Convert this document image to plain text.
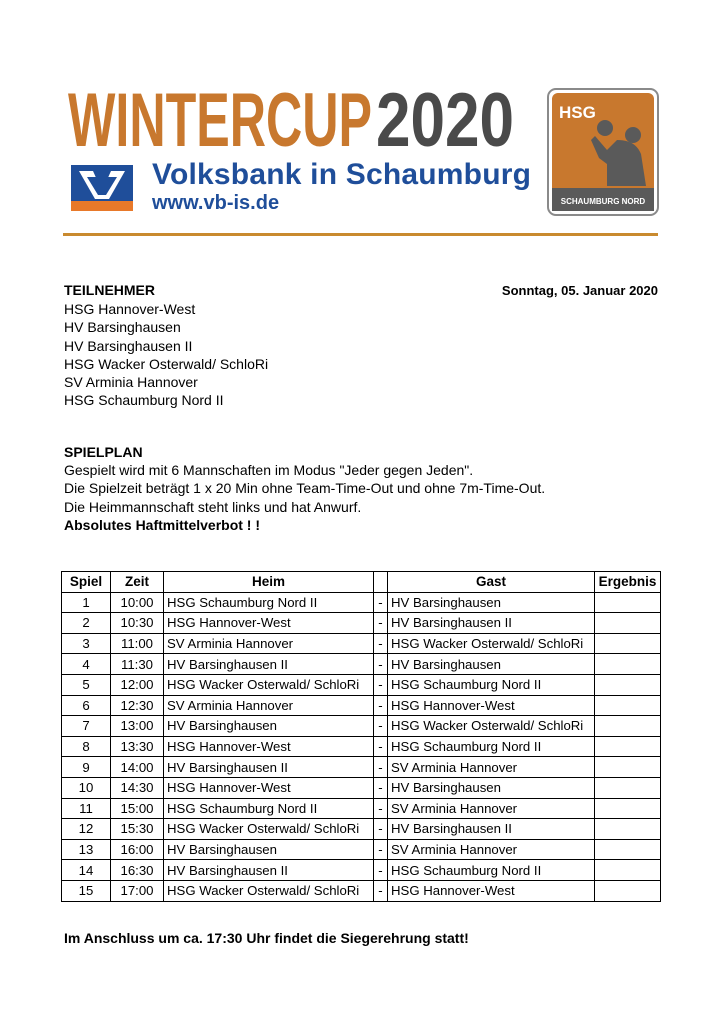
WINTERCUP 2020
Volksbank in Schaumburg
www.vb-is.de
HSG
SCHAUMBURG NORD
TEILNEHMER	Sonntag, 05. Januar 2020
HSG Hannover-West
HV Barsinghausen
HV Barsinghausen II
HSG Wacker Osterwald/ SchloRi
SV Arminia Hannover
HSG Schaumburg Nord II
SPIELPLAN
Gespielt wird mit 6 Mannschaften im Modus "Jeder gegen Jeden".
Die Spielzeit beträgt 1 x 20 Min ohne Team-Time-Out und ohne 7m-Time-Out.
Die Heimmannschaft steht links und hat Anwurf.
Absolutes Haftmittelverbot ! !
Spiel	Zeit	Heim		Gast	Ergebnis
1	10:00	HSG Schaumburg Nord II	-	HV Barsinghausen	
2	10:30	HSG Hannover-West	-	HV Barsinghausen II	
3	11:00	SV Arminia Hannover	-	HSG Wacker Osterwald/ SchloRi	
4	11:30	HV Barsinghausen II	-	HV Barsinghausen	
5	12:00	HSG Wacker Osterwald/ SchloRi	-	HSG Schaumburg Nord II	
6	12:30	SV Arminia Hannover	-	HSG Hannover-West	
7	13:00	HV Barsinghausen	-	HSG Wacker Osterwald/ SchloRi	
8	13:30	HSG Hannover-West	-	HSG Schaumburg Nord II	
9	14:00	HV Barsinghausen II	-	SV Arminia Hannover	
10	14:30	HSG Hannover-West	-	HV Barsinghausen	
11	15:00	HSG Schaumburg Nord II	-	SV Arminia Hannover	
12	15:30	HSG Wacker Osterwald/ SchloRi	-	HV Barsinghausen II	
13	16:00	HV Barsinghausen	-	SV Arminia Hannover	
14	16:30	HV Barsinghausen II	-	HSG Schaumburg Nord II	
15	17:00	HSG Wacker Osterwald/ SchloRi	-	HSG Hannover-West	
Im Anschluss um ca. 17:30 Uhr findet die Siegerehrung statt!
